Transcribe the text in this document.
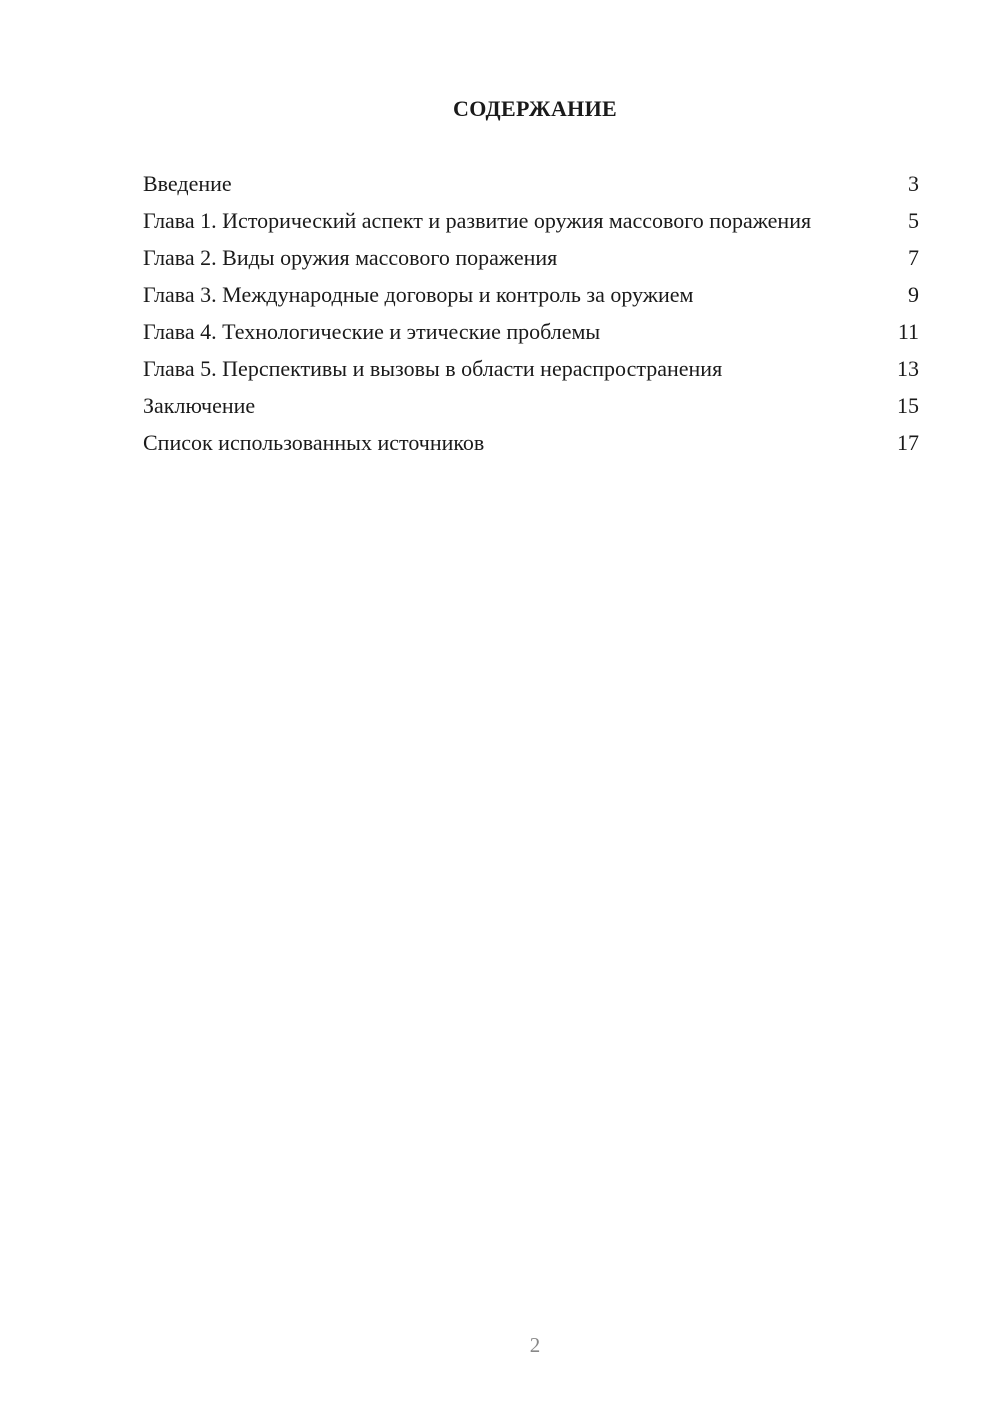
СОДЕРЖАНИЕ
Введение	3
Глава 1. Исторический аспект и развитие оружия массового поражения	5
Глава 2. Виды оружия массового поражения	7
Глава 3. Международные договоры и контроль за оружием	9
Глава 4. Технологические и этические проблемы	11
Глава 5. Перспективы и вызовы в области нераспространения	13
Заключение	15
Список использованных источников	17
2
